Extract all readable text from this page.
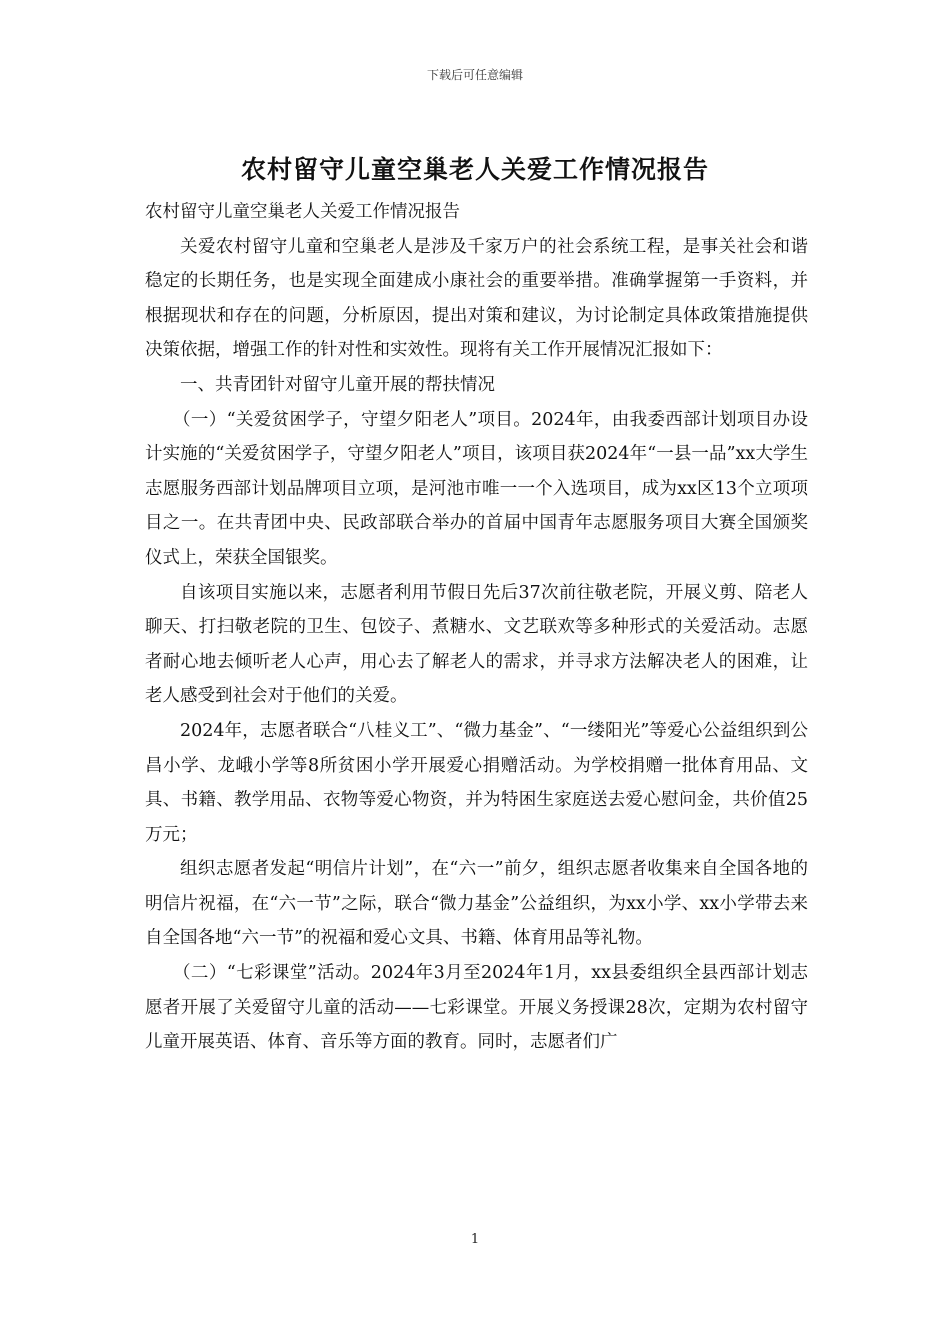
下载后可任意编辑
农村留守儿童空巢老人关爱工作情况报告

农村留守儿童空巢老人关爱工作情况报告

关爱农村留守儿童和空巢老人是涉及千家万户的社会系统工程，是事关社会和谐稳定的长期任务，也是实现全面建成小康社会的重要举措。准确掌握第一手资料，并根据现状和存在的问题，分析原因，提出对策和建议，为讨论制定具体政策措施提供决策依据，增强工作的针对性和实效性。现将有关工作开展情况汇报如下：

一、共青团针对留守儿童开展的帮扶情况

（一）“关爱贫困学子，守望夕阳老人”项目。2024年，由我委西部计划项目办设计实施的“关爱贫困学子，守望夕阳老人”项目，该项目获2024年“一县一品”xx大学生志愿服务西部计划品牌项目立项，是河池市唯一一个入选项目，成为xx区13个立项项目之一。在共青团中央、民政部联合举办的首届中国青年志愿服务项目大赛全国颁奖仪式上，荣获全国银奖。

自该项目实施以来，志愿者利用节假日先后37次前往敬老院，开展义剪、陪老人聊天、打扫敬老院的卫生、包饺子、煮糖水、文艺联欢等多种形式的关爱活动。志愿者耐心地去倾听老人心声，用心去了解老人的需求，并寻求方法解决老人的困难，让老人感受到社会对于他们的关爱。

2024年，志愿者联合“八桂义工”、“微力基金”、“一缕阳光”等爱心公益组织到公昌小学、龙峨小学等8所贫困小学开展爱心捐赠活动。为学校捐赠一批体育用品、文具、书籍、教学用品、衣物等爱心物资，并为特困生家庭送去爱心慰问金，共价值25万元；

组织志愿者发起“明信片计划”，在“六一”前夕，组织志愿者收集来自全国各地的明信片祝福，在“六一节”之际，联合“微力基金”公益组织，为xx小学、xx小学带去来自全国各地“六一节”的祝福和爱心文具、书籍、体育用品等礼物。

（二）“七彩课堂”活动。2024年3月至2024年1月，xx县委组织全县西部计划志愿者开展了关爱留守儿童的活动——七彩课堂。开展义务授课28次，定期为农村留守儿童开展英语、体育、音乐等方面的教育。同时，志愿者们广

1
